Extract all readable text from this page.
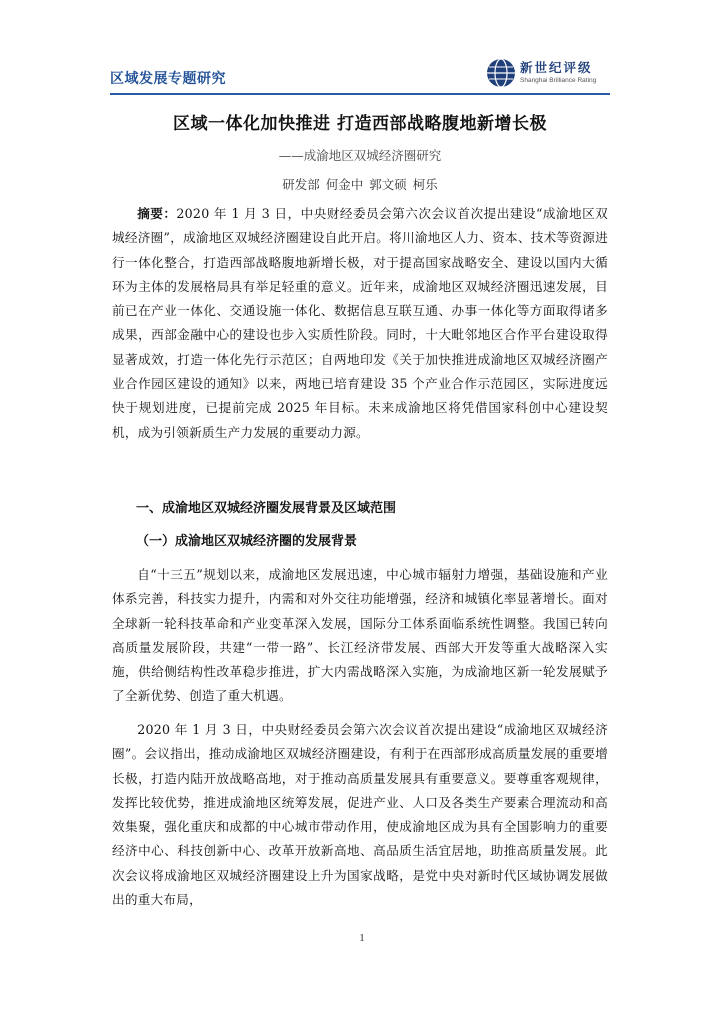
区域发展专题研究
新世纪评级
Shanghai Brilliance Rating
区域一体化加快推进 打造西部战略腹地新增长极
——成渝地区双城经济圈研究
研发部 何金中 郭文硕 柯乐
摘要：2020 年 1 月 3 日，中央财经委员会第六次会议首次提出建设“成渝地区双城经济圈”，成渝地区双城经济圈建设自此开启。将川渝地区人力、资本、技术等资源进行一体化整合，打造西部战略腹地新增长极，对于提高国家战略安全、建设以国内大循环为主体的发展格局具有举足轻重的意义。近年来，成渝地区双城经济圈迅速发展，目前已在产业一体化、交通设施一体化、数据信息互联互通、办事一体化等方面取得诸多成果，西部金融中心的建设也步入实质性阶段。同时，十大毗邻地区合作平台建设取得显著成效，打造一体化先行示范区；自两地印发《关于加快推进成渝地区双城经济圈产业合作园区建设的通知》以来，两地已培育建设 35 个产业合作示范园区，实际进度远快于规划进度，已提前完成 2025 年目标。未来成渝地区将凭借国家科创中心建设契机，成为引领新质生产力发展的重要动力源。
一、成渝地区双城经济圈发展背景及区域范围
（一）成渝地区双城经济圈的发展背景
自“十三五”规划以来，成渝地区发展迅速，中心城市辐射力增强，基础设施和产业体系完善，科技实力提升，内需和对外交往功能增强，经济和城镇化率显著增长。面对全球新一轮科技革命和产业变革深入发展，国际分工体系面临系统性调整。我国已转向高质量发展阶段，共建“一带一路”、长江经济带发展、西部大开发等重大战略深入实施，供给侧结构性改革稳步推进，扩大内需战略深入实施，为成渝地区新一轮发展赋予了全新优势、创造了重大机遇。
2020 年 1 月 3 日，中央财经委员会第六次会议首次提出建设“成渝地区双城经济圈”。会议指出，推动成渝地区双城经济圈建设，有利于在西部形成高质量发展的重要增长极，打造内陆开放战略高地，对于推动高质量发展具有重要意义。要尊重客观规律，发挥比较优势，推进成渝地区统筹发展，促进产业、人口及各类生产要素合理流动和高效集聚，强化重庆和成都的中心城市带动作用，使成渝地区成为具有全国影响力的重要经济中心、科技创新中心、改革开放新高地、高品质生活宜居地，助推高质量发展。此次会议将成渝地区双城经济圈建设上升为国家战略，是党中央对新时代区域协调发展做出的重大布局，
1
